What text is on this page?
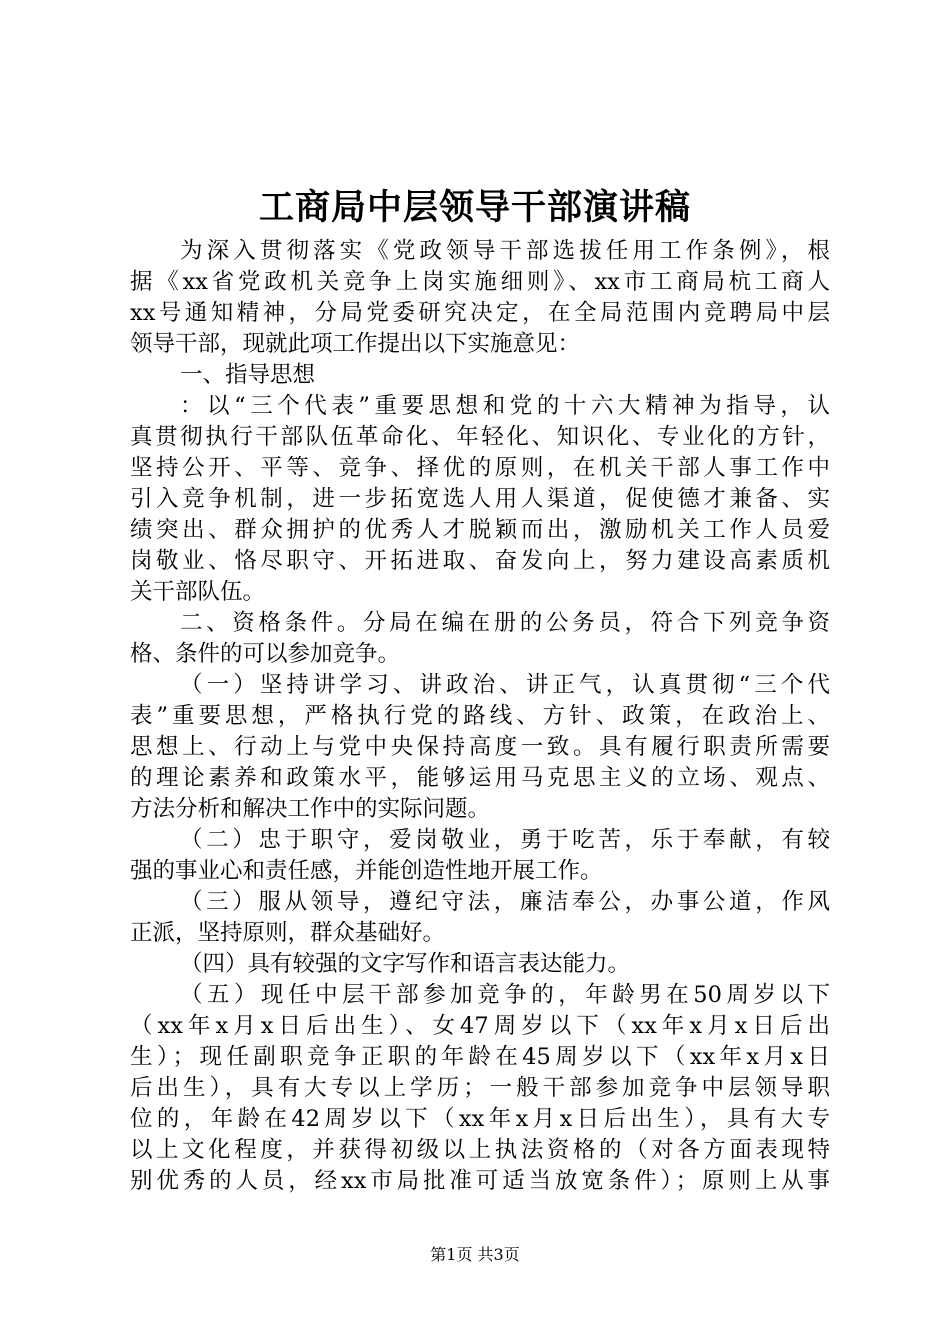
工商局中层领导干部演讲稿
为深入贯彻落实《党政领导干部选拔任用工作条例》，根
据《xx省党政机关竞争上岗实施细则》、xx市工商局杭工商人
xx号通知精神，分局党委研究决定，在全局范围内竞聘局中层
领导干部，现就此项工作提出以下实施意见：
一、指导思想
：以“三个代表”重要思想和党的十六大精神为指导，认
真贯彻执行干部队伍革命化、年轻化、知识化、专业化的方针，
坚持公开、平等、竞争、择优的原则，在机关干部人事工作中
引入竞争机制，进一步拓宽选人用人渠道，促使德才兼备、实
绩突出、群众拥护的优秀人才脱颖而出，激励机关工作人员爱
岗敬业、恪尽职守、开拓进取、奋发向上，努力建设高素质机
关干部队伍。
二、资格条件。分局在编在册的公务员，符合下列竞争资
格、条件的可以参加竞争。
（一）坚持讲学习、讲政治、讲正气，认真贯彻“三个代
表”重要思想，严格执行党的路线、方针、政策，在政治上、
思想上、行动上与党中央保持高度一致。具有履行职责所需要
的理论素养和政策水平，能够运用马克思主义的立场、观点、
方法分析和解决工作中的实际问题。
（二）忠于职守，爱岗敬业，勇于吃苦，乐于奉献，有较
强的事业心和责任感，并能创造性地开展工作。
（三）服从领导，遵纪守法，廉洁奉公，办事公道，作风
正派，坚持原则，群众基础好。
（四）具有较强的文字写作和语言表达能力。
（五）现任中层干部参加竞争的，年龄男在50周岁以下
（xx年x月x日后出生）、女47周岁以下（xx年x月x日后出
生）；现任副职竞争正职的年龄在45周岁以下（xx年x月x日
后出生），具有大专以上学历；一般干部参加竞争中层领导职
位的，年龄在42周岁以下（xx年x月x日后出生），具有大专
以上文化程度，并获得初级以上执法资格的（对各方面表现特
别优秀的人员，经xx市局批准可适当放宽条件）；原则上从事
第1页 共3页
